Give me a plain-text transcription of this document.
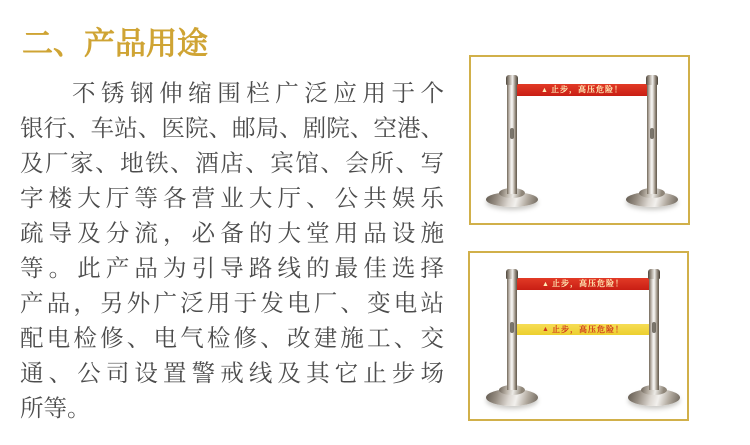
二、产品用途
不锈钢伸缩围栏广泛应用于个
银行、车站、医院、邮局、剧院、空港、
及厂家、地铁、酒店、宾馆、会所、写
字楼大厅等各营业大厅、公共娱乐
疏导及分流，必备的大堂用品设施
等。此产品为引导路线的最佳选择
产品，另外广泛用于发电厂、变电站
配电检修、电气检修、改建施工、交
通、公司设置警戒线及其它止步场
所等。
▲ 止步，高压危险！
▲ 止步，高压危险！
▲ 止步，高压危险！
